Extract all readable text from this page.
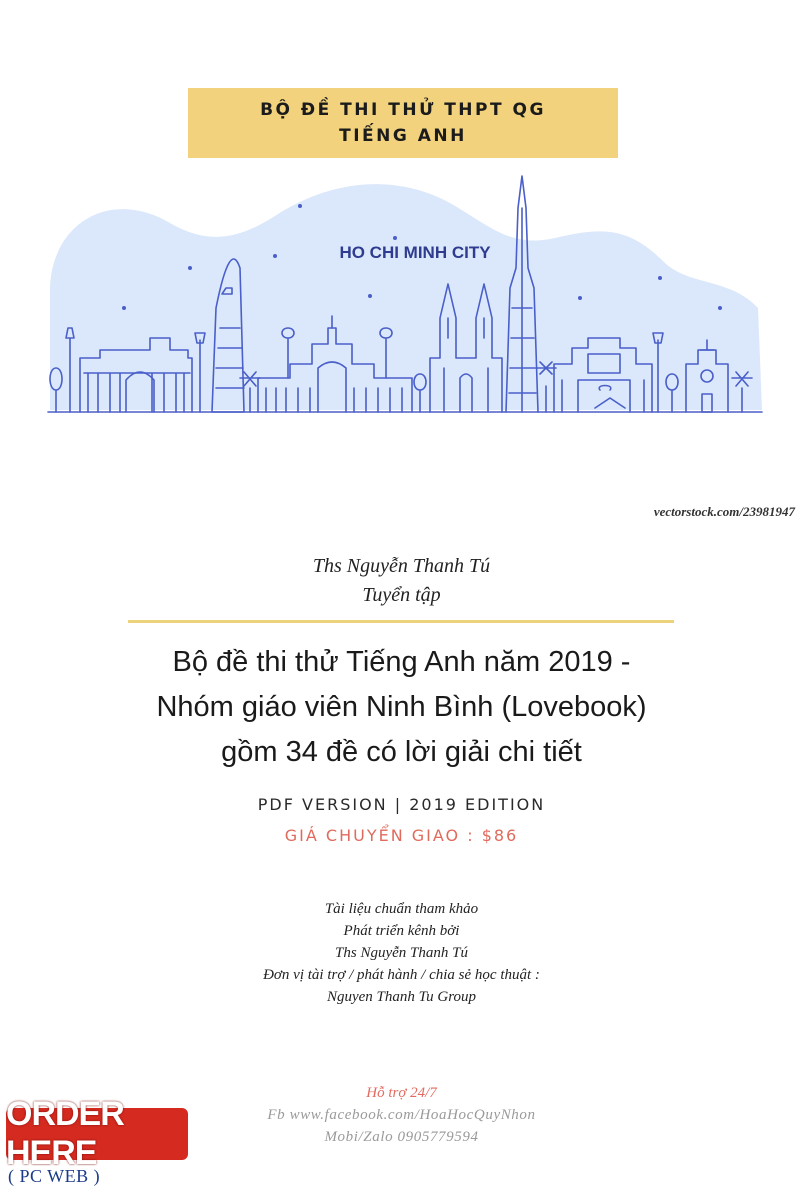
BỘ ĐỀ THI THỬ THPT QG
TIẾNG ANH
HO CHI MINH CITY
vectorstock.com/23981947
Ths Nguyễn Thanh Tú
Tuyển tập
Bộ đề thi thử Tiếng Anh năm 2019 -
Nhóm giáo viên Ninh Bình (Lovebook)
gồm 34 đề có lời giải chi tiết
PDF VERSION | 2019 EDITION
GIÁ CHUYỂN GIAO : $86
Tài liệu chuẩn tham khảo
Phát triển kênh bởi
Ths Nguyễn Thanh Tú
Đơn vị tài trợ / phát hành / chia sẻ học thuật :
Nguyen Thanh Tu Group
Hỗ trợ 24/7
Fb www.facebook.com/HoaHocQuyNhon
Mobi/Zalo 0905779594
ORDER HERE
( PC WEB )
